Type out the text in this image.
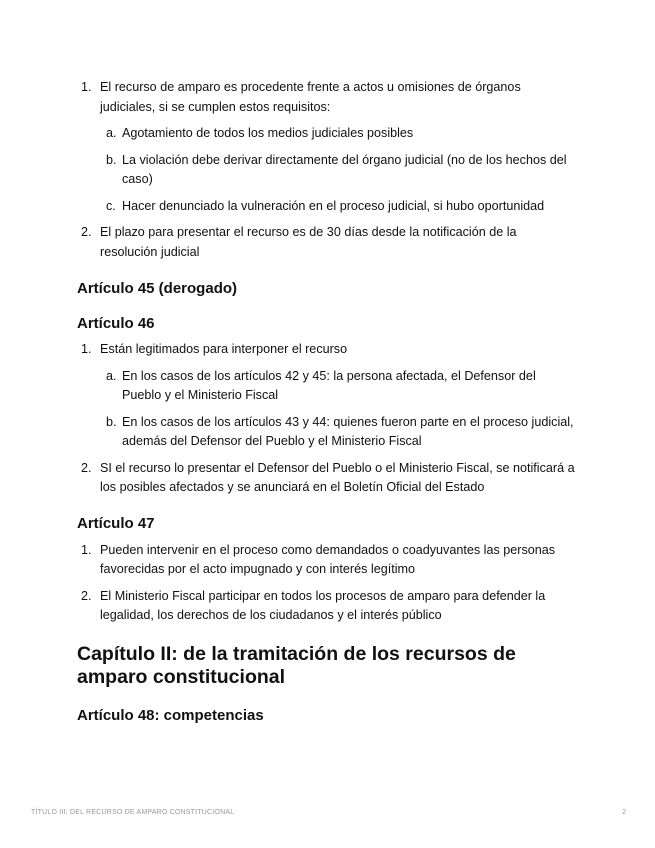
1. El recurso de amparo es procedente frente a actos u omisiones de órganos judiciales, si se cumplen estos requisitos:
a. Agotamiento de todos los medios judiciales posibles
b. La violación debe derivar directamente del órgano judicial (no de los hechos del caso)
c. Hacer denunciado la vulneración en el proceso judicial, si hubo oportunidad
2. El plazo para presentar el recurso es de 30 días desde la notificación de la resolución judicial
Artículo 45 (derogado)
Artículo 46
1. Están legitimados para interponer el recurso
a. En los casos de los artículos 42 y 45: la persona afectada, el Defensor del Pueblo y el Ministerio Fiscal
b. En los casos de los artículos 43 y 44: quienes fueron parte en el proceso judicial, además del Defensor del Pueblo y el Ministerio Fiscal
2. SI el recurso lo presentar el Defensor del Pueblo o el Ministerio Fiscal, se notificará a los posibles afectados y se anunciará en el Boletín Oficial del Estado
Artículo 47
1. Pueden intervenir en el proceso como demandados o coadyuvantes las personas favorecidas por el acto impugnado y con interés legítimo
2. El Ministerio Fiscal participar en todos los procesos de amparo para defender la legalidad, los derechos de los ciudadanos y el interés público
Capítulo II: de la tramitación de los recursos de amparo constitucional
Artículo 48: competencias
TÍTULO III: DEL RECURSO DE AMPARO CONSTITUCIONAL	2
